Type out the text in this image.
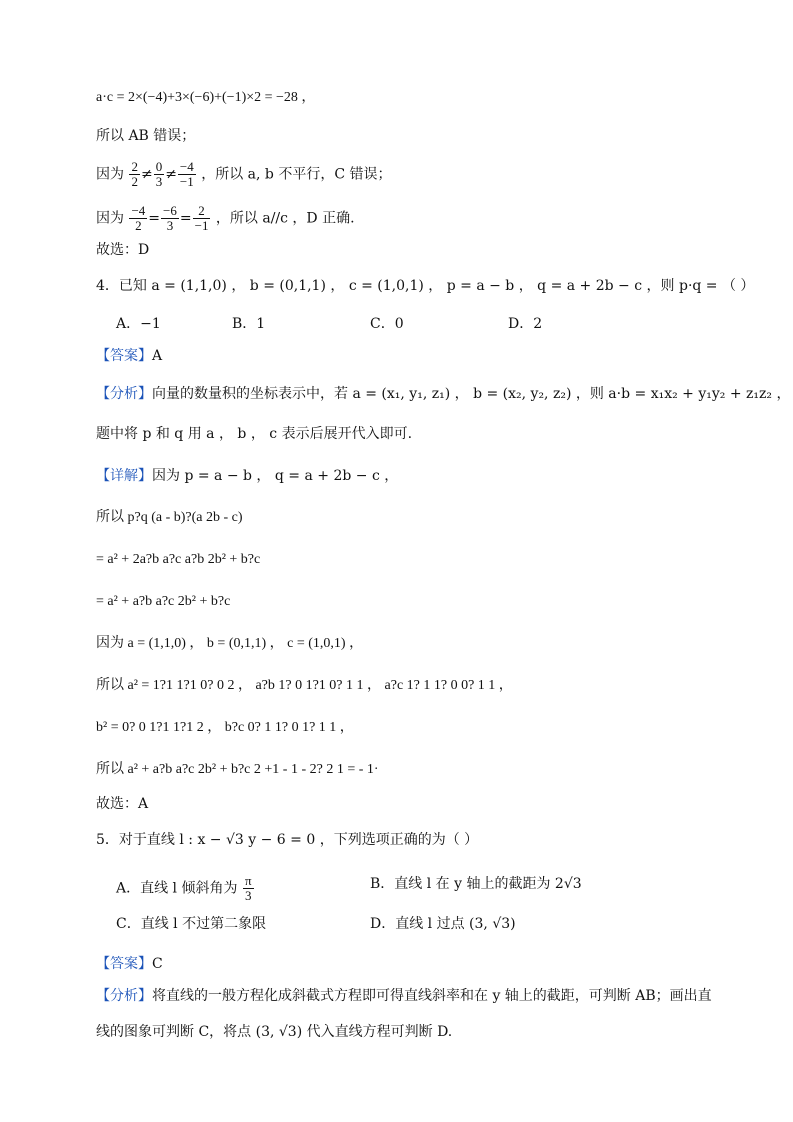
a·c = 2×(−4)+3×(−6)+(−1)×2 = −28 ，
所以 AB 错误；
因为 $\frac{2}{2} \ne \frac{0}{3} \ne \frac{-4}{-1}$ ，所以 a, b 不平行，C 错误；
因为 $\frac{-4}{2} = \frac{-6}{3} = \frac{2}{-1}$ ，所以 a//c ，D 正确.
故选：D
4．已知 a = (1,1,0) ， b = (0,1,1) ， c = (1,0,1) ， p = a − b ， q = a + 2b − c ，则 p·q = （ ）
A．−1	B．1	C．0	D．2
【答案】A
【分析】向量的数量积的坐标表示中，若 a = (x₁, y₁, z₁) ， b = (x₂, y₂, z₂) ，则 a·b = x₁x₂ + y₁y₂ + z₁z₂ ，
题中将 p 和 q 用 a ， b ， c 表示后展开代入即可.
【详解】因为 p = a − b ， q = a + 2b − c ，
所以 p?q (a - b)?(a 2b - c)
= a² + 2a?b a?c a?b 2b² + b?c
= a² + a?b a?c 2b² + b?c
因为 a = (1,1,0) ， b = (0,1,1) ， c = (1,0,1) ，
所以 a² = 1?1 1?1 0? 0 2 ， a?b 1? 0 1?1 0? 1 1 ， a?c 1? 1 1? 0 0? 1 1 ，
b² = 0? 0 1?1 1?1 2 ， b?c 0? 1 1? 0 1? 1 1 ，
所以 a² + a?b a?c 2b² + b?c 2 +1 - 1 - 2? 2 1 = - 1·
故选：A
5．对于直线 l : x − √3 y − 6 = 0 ，下列选项正确的为（ ）
A．直线 l 倾斜角为 $\frac{\pi}{3}$	B．直线 l 在 y 轴上的截距为 2√3
C．直线 l 不过第二象限	D．直线 l 过点 (3, √3)
【答案】C
【分析】将直线的一般方程化成斜截式方程即可得直线斜率和在 y 轴上的截距，可判断 AB；画出直
线的图象可判断 C，将点 (3, √3) 代入直线方程可判断 D.
